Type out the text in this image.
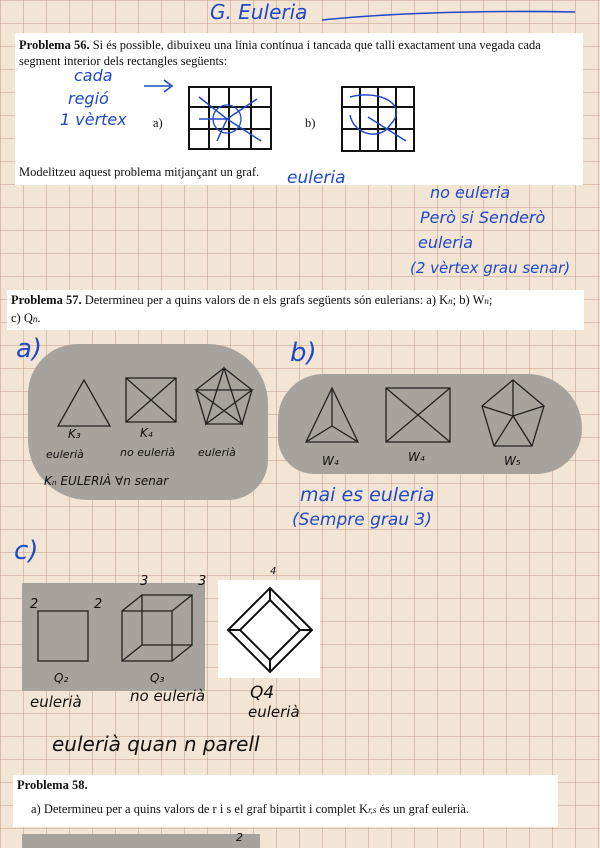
G. Euleria
Problema 56. Si és possible, dibuixeu una línia contínua i tancada que talli exactament una vegada cada segment interior dels rectangles següents:
a)	b)
Modelitzeu aquest problema mitjançant un graf.
cada
regió
1 vèrtex
euleria
no euleria
Però si Senderò
euleria
(2 vèrtex grau senar)
Problema 57. Determineu per a quins valors de n els grafs següents són eulerians: a) Kn; b) Wn;
c) Qn.
a)
K₃
eulerià
K₄
no eulerià eulerià
Kₙ EULERIÀ ∀n senar
b)
W₄	W₄	W₅
mai es euleria
(Sempre grau 3)
c)
2	2
Q₂	Q₃
3	3
4
eulerià	no eulerià	Q4
eulerià
eulerià quan n parell
Problema 58.
a) Determineu per a quins valors de r i s el graf bipartit i complet Kr,s és un graf eulerià.
2
